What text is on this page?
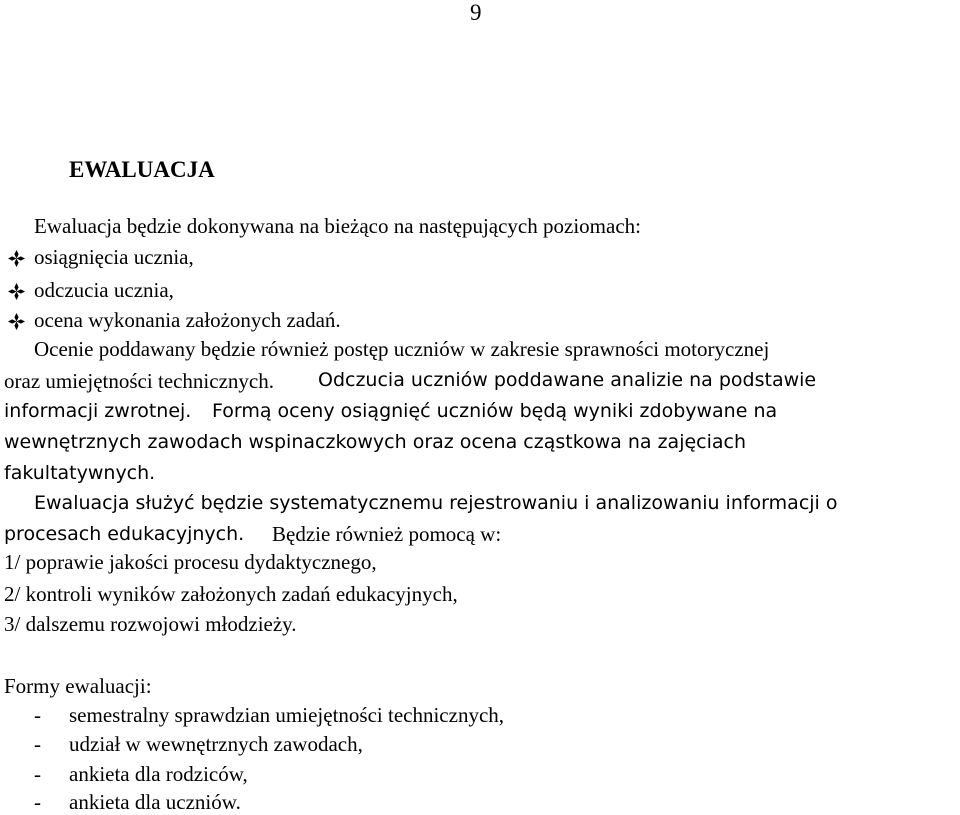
9
EWALUACJA
Ewaluacja będzie dokonywana na bieżąco na następujących poziomach:
osiągnięcia ucznia,
odczucia ucznia,
ocena wykonania założonych zadań.
Ocenie poddawany będzie również postęp uczniów w zakresie sprawności motorycznej
oraz umiejętności technicznych. Odczucia uczniów poddawane analizie na podstawie
informacji zwrotnej. Formą oceny osiągnięć uczniów będą wyniki zdobywane na
wewnętrznych zawodach wspinaczkowych oraz ocena cząstkowa na zajęciach
fakultatywnych.
Ewaluacja służyć będzie systematycznemu rejestrowaniu i analizowaniu informacji o
procesach edukacyjnych. Będzie również pomocą w:
1/ poprawie jakości procesu dydaktycznego,
2/ kontroli wyników założonych zadań edukacyjnych,
3/ dalszemu rozwojowi młodzieży.
Formy ewaluacji:
- semestralny sprawdzian umiejętności technicznych,
- udział w wewnętrznych zawodach,
- ankieta dla rodziców,
- ankieta dla uczniów.
